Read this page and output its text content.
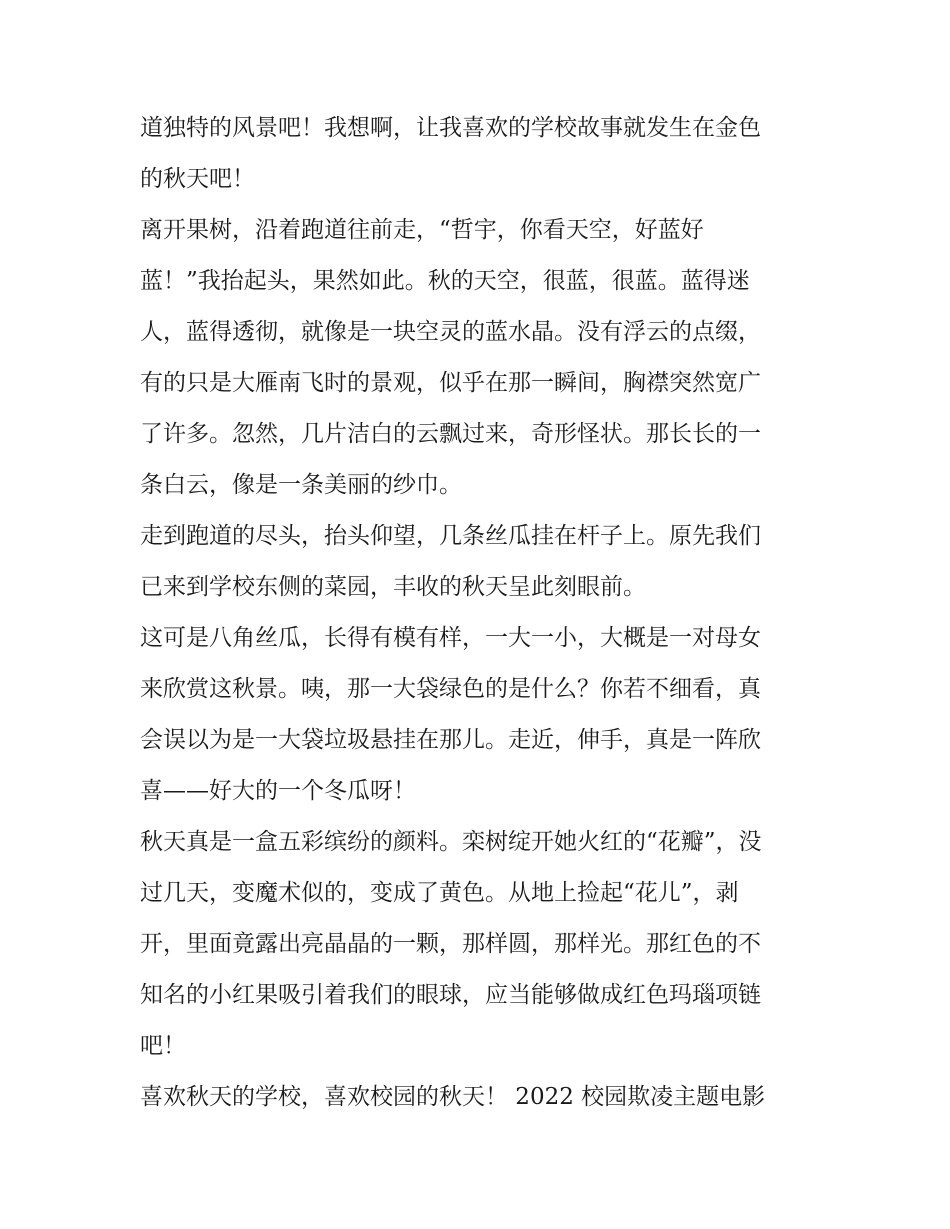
道独特的风景吧！我想啊，让我喜欢的学校故事就发生在金色
的秋天吧！
离开果树，沿着跑道往前走，“哲宇，你看天空，好蓝好
蓝！”我抬起头，果然如此。秋的天空，很蓝，很蓝。蓝得迷
人，蓝得透彻，就像是一块空灵的蓝水晶。没有浮云的点缀，
有的只是大雁南飞时的景观，似乎在那一瞬间，胸襟突然宽广
了许多。忽然，几片洁白的云飘过来，奇形怪状。那长长的一
条白云，像是一条美丽的纱巾。
走到跑道的尽头，抬头仰望，几条丝瓜挂在杆子上。原先我们
已来到学校东侧的菜园，丰收的秋天呈此刻眼前。
这可是八角丝瓜，长得有模有样，一大一小，大概是一对母女
来欣赏这秋景。咦，那一大袋绿色的是什么？你若不细看，真
会误以为是一大袋垃圾悬挂在那儿。走近，伸手，真是一阵欣
喜——好大的一个冬瓜呀！
秋天真是一盒五彩缤纷的颜料。栾树绽开她火红的“花瓣”，没
过几天，变魔术似的，变成了黄色。从地上捡起“花儿”，剥
开，里面竟露出亮晶晶的一颗，那样圆，那样光。那红色的不
知名的小红果吸引着我们的眼球，应当能够做成红色玛瑙项链
吧！
喜欢秋天的学校，喜欢校园的秋天！ 2022 校园欺凌主题电影
